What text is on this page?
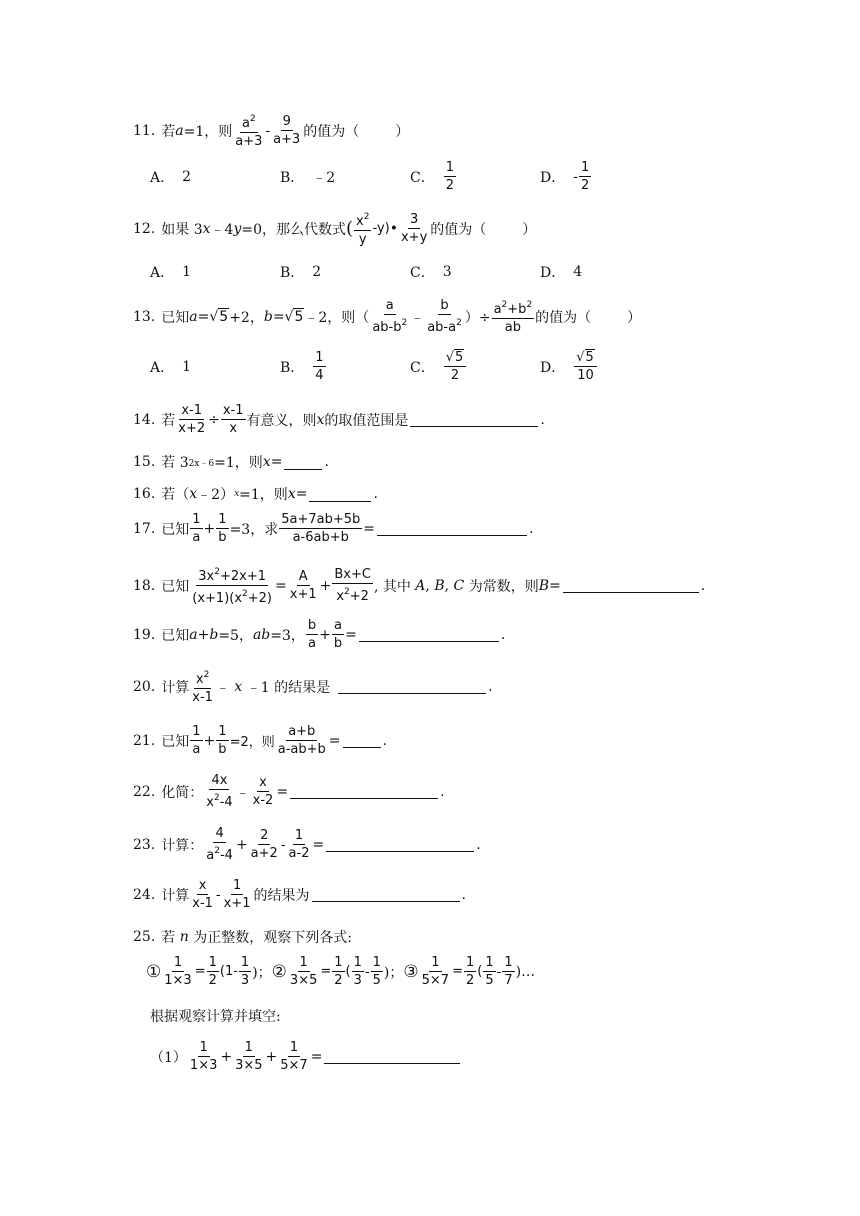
11. 若 a =1，则 $\frac{a^2}{a+3} - \frac{9}{a+3}$ 的值为（	）
A． 2	B． ﹣2	C． $\frac{1}{2}$	D． - $\frac{1}{2}$
12. 如果 3 x ﹣4 y =0，那么代数式 ( $\frac{x^2}{y} -y$) • $\frac{3}{x+y}$ 的值为（	）
A． 1	B． 2	C． 3	D． 4
13. 已知 a = √5 +2， b = √5 ﹣2，则（ $\frac{a}{ab-b^2}$ ﹣ $\frac{b}{ab-a^2}$ ）÷ $\frac{a^2+b^2}{ab}$ 的值为（	）
A． 1	B． $\frac{1}{4}$	C． $\frac{√5}{2}$	D． $\frac{√5}{10}$
14. 若 $\frac{x-1}{x+2} \div \frac{x-1}{x}$ 有意义，则 x 的取值范围是	.
15. 若 3 2x﹣6 =1，则 x =	.
16. 若（ x ﹣2） x =1，则 x =	.
17. 已知 $\frac{1}{a} + \frac{1}{b} =3$，求 $\frac{5a+7ab+5b}{a-6ab+b}$ =	.
18. 已知 $\frac{3x^2+2x+1}{(x+1)(x^2+2)} = \frac{A}{x+1} + \frac{Bx+C}{x^2+2}$ , 其中
A ,
B ,
C
为常数，则 B =	.
19. 已知 a+b =5， ab =3， $\frac{b}{a} + \frac{a}{b}$ =	.
20. 计算 $\frac{x^2}{x-1}$ ﹣
x
﹣1 的结果是	.
21. 已知 $\frac{1}{a} + \frac{1}{b} =2$，则 $\frac{a+b}{a-ab+b}$ =	.
22. 化简： $\frac{4x}{x^2-4}$ ﹣ $\frac{x}{x-2}$ =	.
23. 计算： $\frac{4}{a^2-4} + \frac{2}{a+2} - \frac{1}{a-2}$ =	.
24. 计算 $\frac{x}{x-1} - \frac{1}{x+1}$ 的结果为	.
25. 若
n
为正整数，观察下列各式:
① $\frac{1}{1\times 3} = \frac{1}{2} (1- \frac{1}{3}$ )； ② $\frac{1}{3\times 5} = \frac{1}{2}$ ( $\frac{1}{3} - \frac{1}{5}$ )； ③ $\frac{1}{5\times 7} = \frac{1}{2}$ ( $\frac{1}{5} - \frac{1}{7}$ )…
根据观察计算并填空:
$(1) \frac{1}{1\times 3} + \frac{1}{3\times 5} + \frac{1}{5\times 7}$ =
